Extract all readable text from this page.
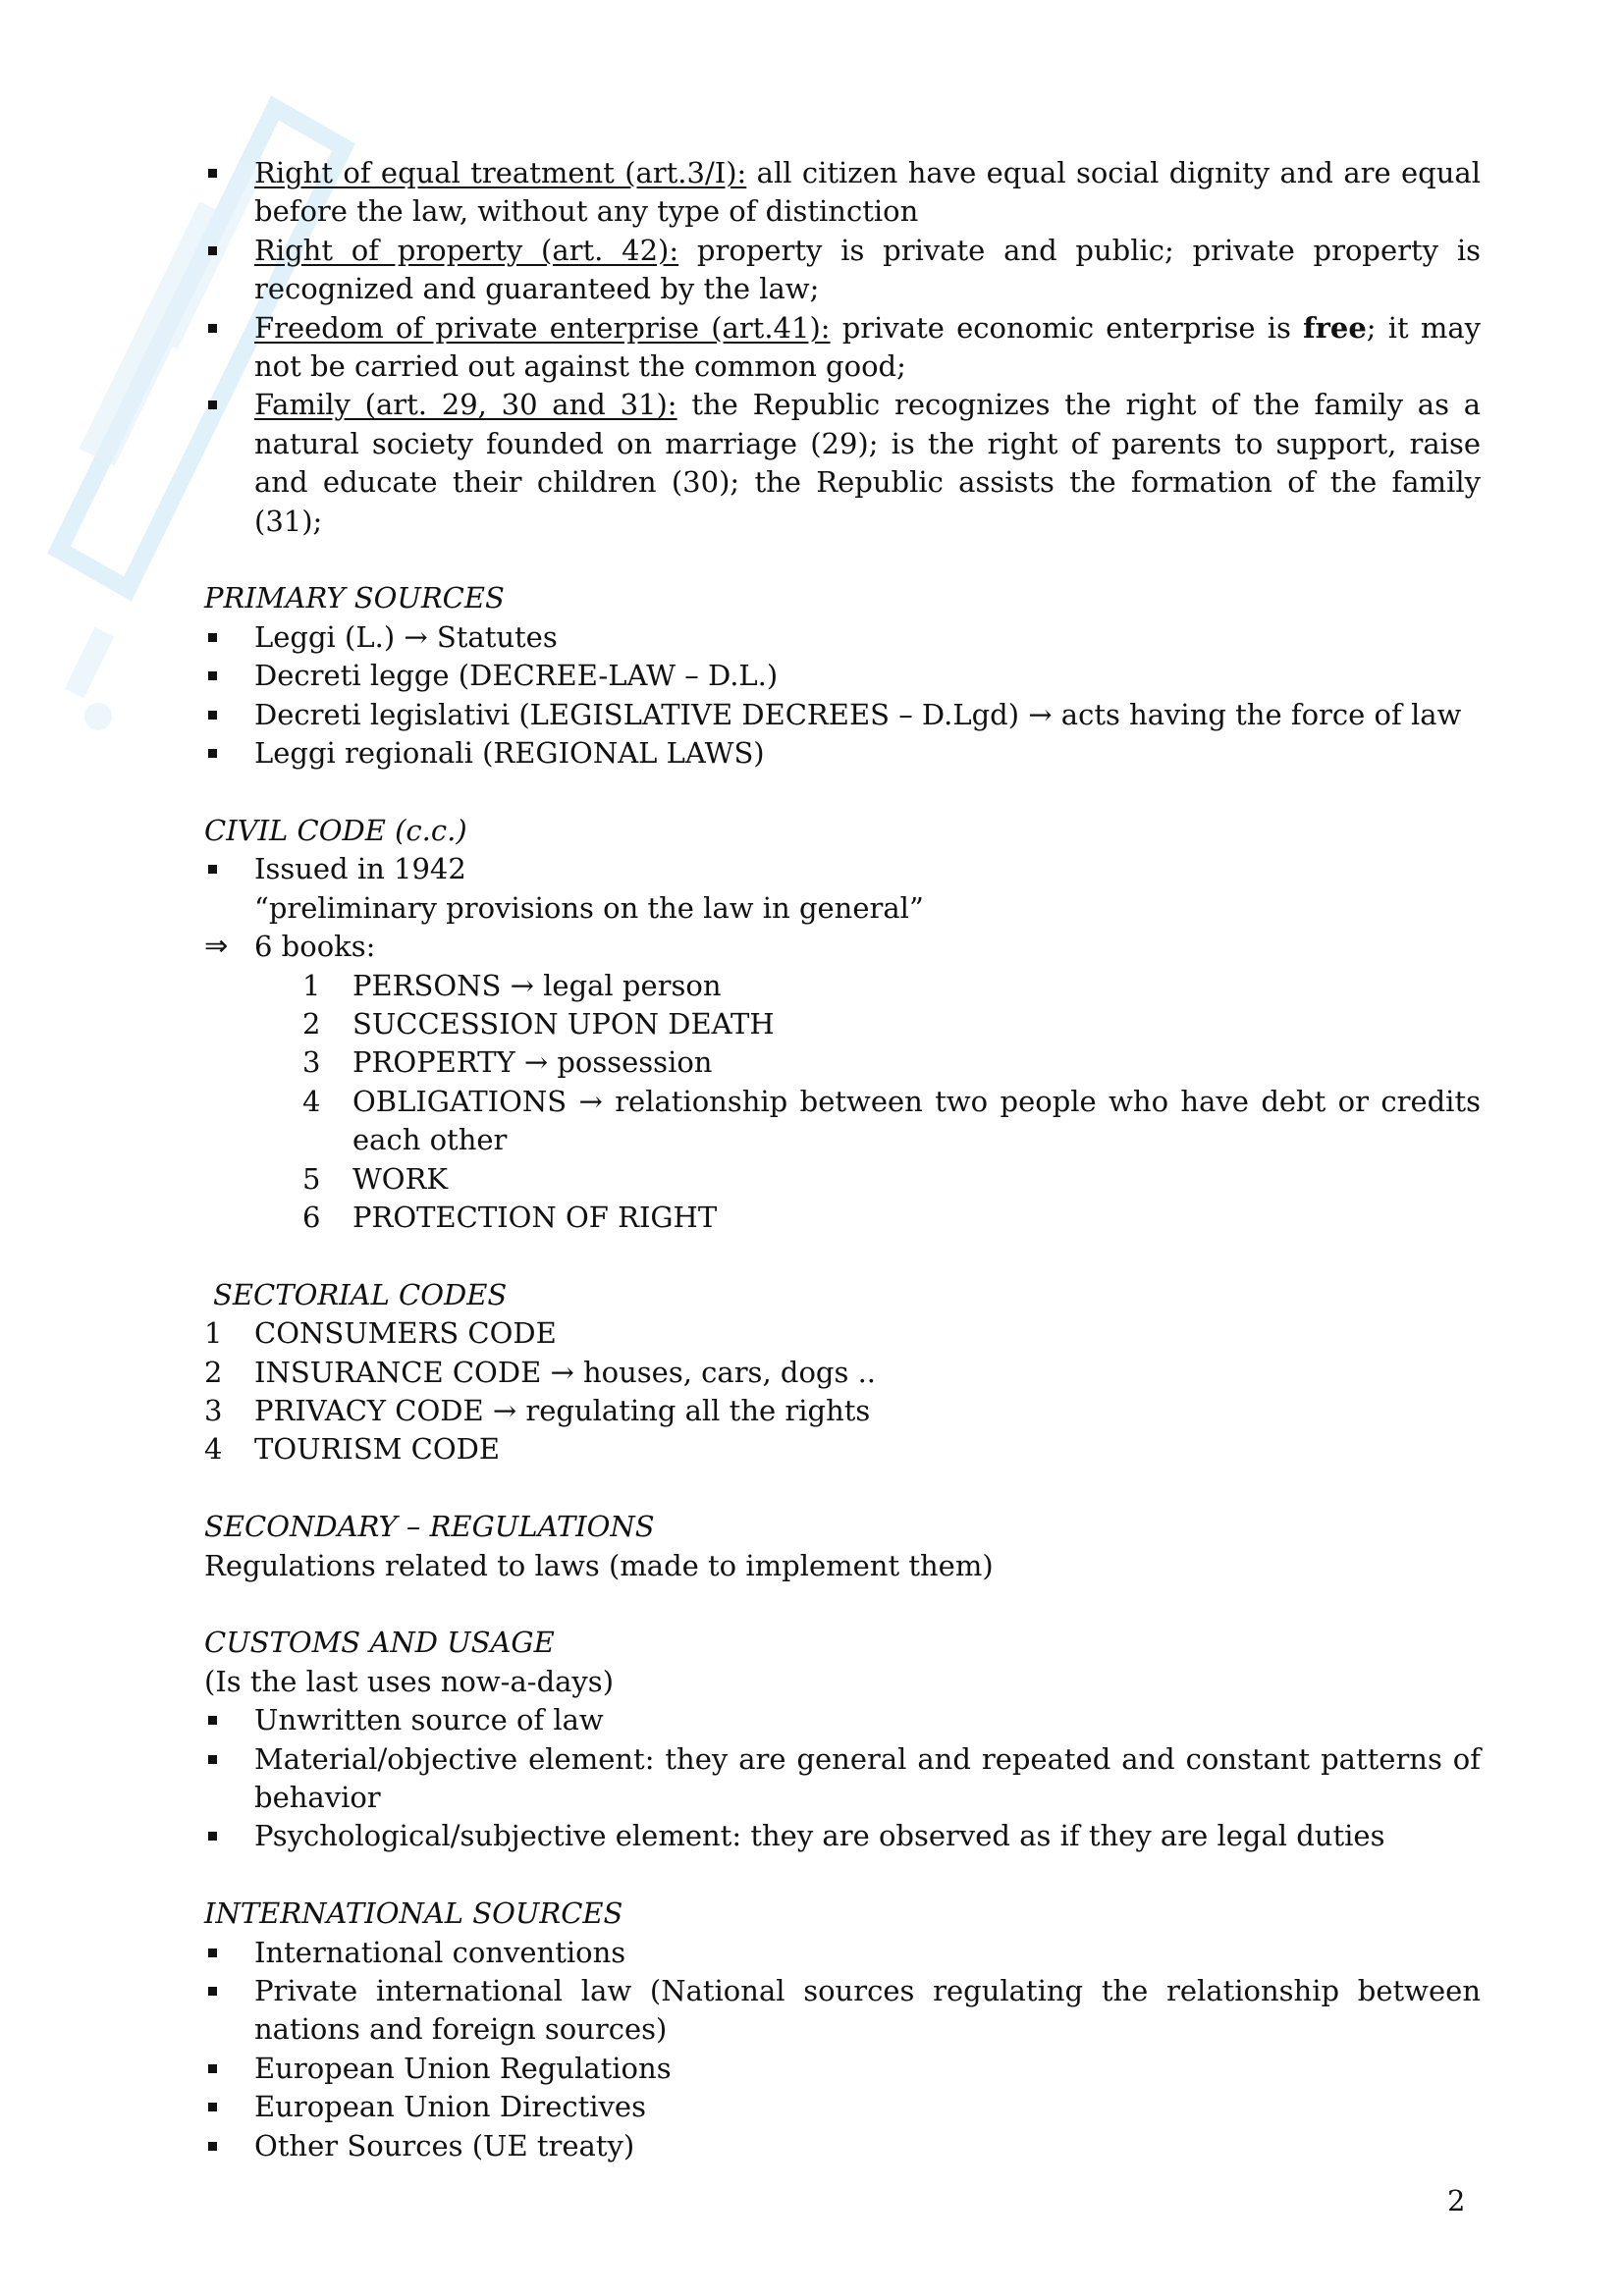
Right of equal treatment (art.3/I): all citizen have equal social dignity and are equal before the law, without any type of distinction
Right of property (art. 42): property is private and public; private property is recognized and guaranteed by the law;
Freedom of private enterprise (art.41): private economic enterprise is free; it may not be carried out against the common good;
Family (art. 29, 30 and 31): the Republic recognizes the right of the family as a natural society founded on marriage (29); is the right of parents to support, raise and educate their children (30); the Republic assists the formation of the family (31);
PRIMARY SOURCES
Leggi (L.) → Statutes
Decreti legge (DECREE-LAW – D.L.)
Decreti legislativi (LEGISLATIVE DECREES – D.Lgd) → acts having the force of law
Leggi regionali (REGIONAL LAWS)
CIVIL CODE (c.c.)
Issued in 1942
“preliminary provisions on the law in general”
⇒ 6 books:
1	PERSONS → legal person
2	SUCCESSION UPON DEATH
3	PROPERTY → possession
4	OBLIGATIONS → relationship between two people who have debt or credits each other
5	WORK
6	PROTECTION OF RIGHT
SECTORIAL CODES
1	CONSUMERS CODE
2	INSURANCE CODE → houses, cars, dogs ..
3	PRIVACY CODE → regulating all the rights
4	TOURISM CODE
SECONDARY – REGULATIONS
Regulations related to laws (made to implement them)
CUSTOMS AND USAGE
(Is the last uses now-a-days)
Unwritten source of law
Material/objective element: they are general and repeated and constant patterns of behavior
Psychological/subjective element: they are observed as if they are legal duties
INTERNATIONAL SOURCES
International conventions
Private international law (National sources regulating the relationship between nations and foreign sources)
European Union Regulations
European Union Directives
Other Sources (UE treaty)
2
